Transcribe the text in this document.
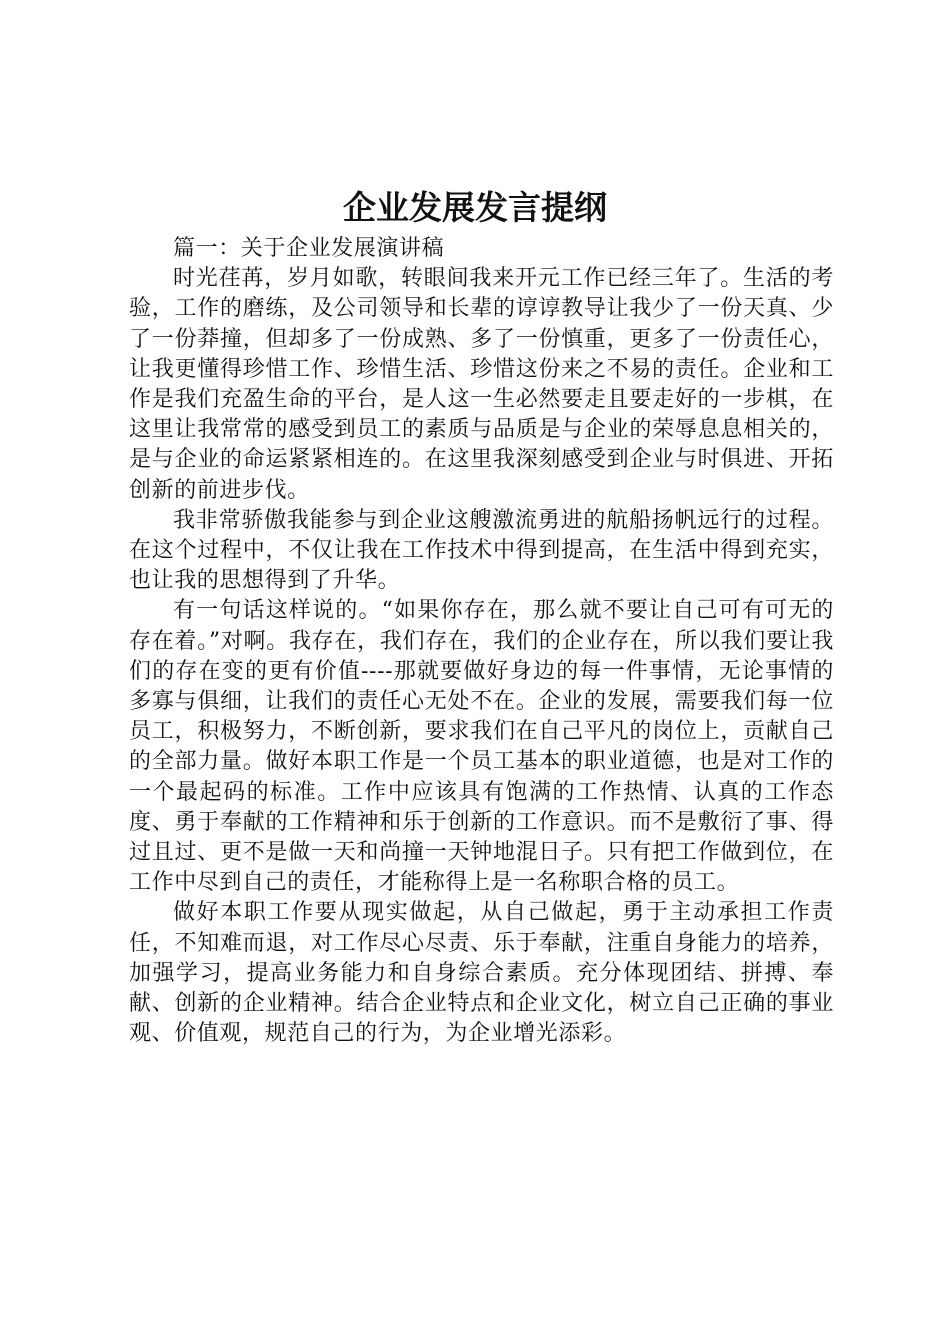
企业发展发言提纲

篇一：关于企业发展演讲稿

时光荏苒，岁月如歌，转眼间我来开元工作已经三年了。生活的考验，工作的磨练，及公司领导和长辈的谆谆教导让我少了一份天真、少了一份莽撞，但却多了一份成熟、多了一份慎重，更多了一份责任心，让我更懂得珍惜工作、珍惜生活、珍惜这份来之不易的责任。企业和工作是我们充盈生命的平台，是人这一生必然要走且要走好的一步棋，在这里让我常常的感受到员工的素质与品质是与企业的荣辱息息相关的，是与企业的命运紧紧相连的。在这里我深刻感受到企业与时俱进、开拓创新的前进步伐。

我非常骄傲我能参与到企业这艘激流勇进的航船扬帆远行的过程。在这个过程中，不仅让我在工作技术中得到提高，在生活中得到充实，也让我的思想得到了升华。

有一句话这样说的。“如果你存在，那么就不要让自己可有可无的存在着。”对啊。我存在，我们存在，我们的企业存在，所以我们要让我们的存在变的更有价值----那就要做好身边的每一件事情，无论事情的多寡与俱细，让我们的责任心无处不在。企业的发展，需要我们每一位员工，积极努力，不断创新，要求我们在自己平凡的岗位上，贡献自己的全部力量。做好本职工作是一个员工基本的职业道德，也是对工作的一个最起码的标准。工作中应该具有饱满的工作热情、认真的工作态度、勇于奉献的工作精神和乐于创新的工作意识。而不是敷衍了事、得过且过、更不是做一天和尚撞一天钟地混日子。只有把工作做到位，在工作中尽到自己的责任，才能称得上是一名称职合格的员工。

做好本职工作要从现实做起，从自己做起，勇于主动承担工作责任，不知难而退，对工作尽心尽责、乐于奉献，注重自身能力的培养，加强学习，提高业务能力和自身综合素质。充分体现团结、拼搏、奉献、创新的企业精神。结合企业特点和企业文化，树立自己正确的事业观、价值观，规范自己的行为，为企业增光添彩。
